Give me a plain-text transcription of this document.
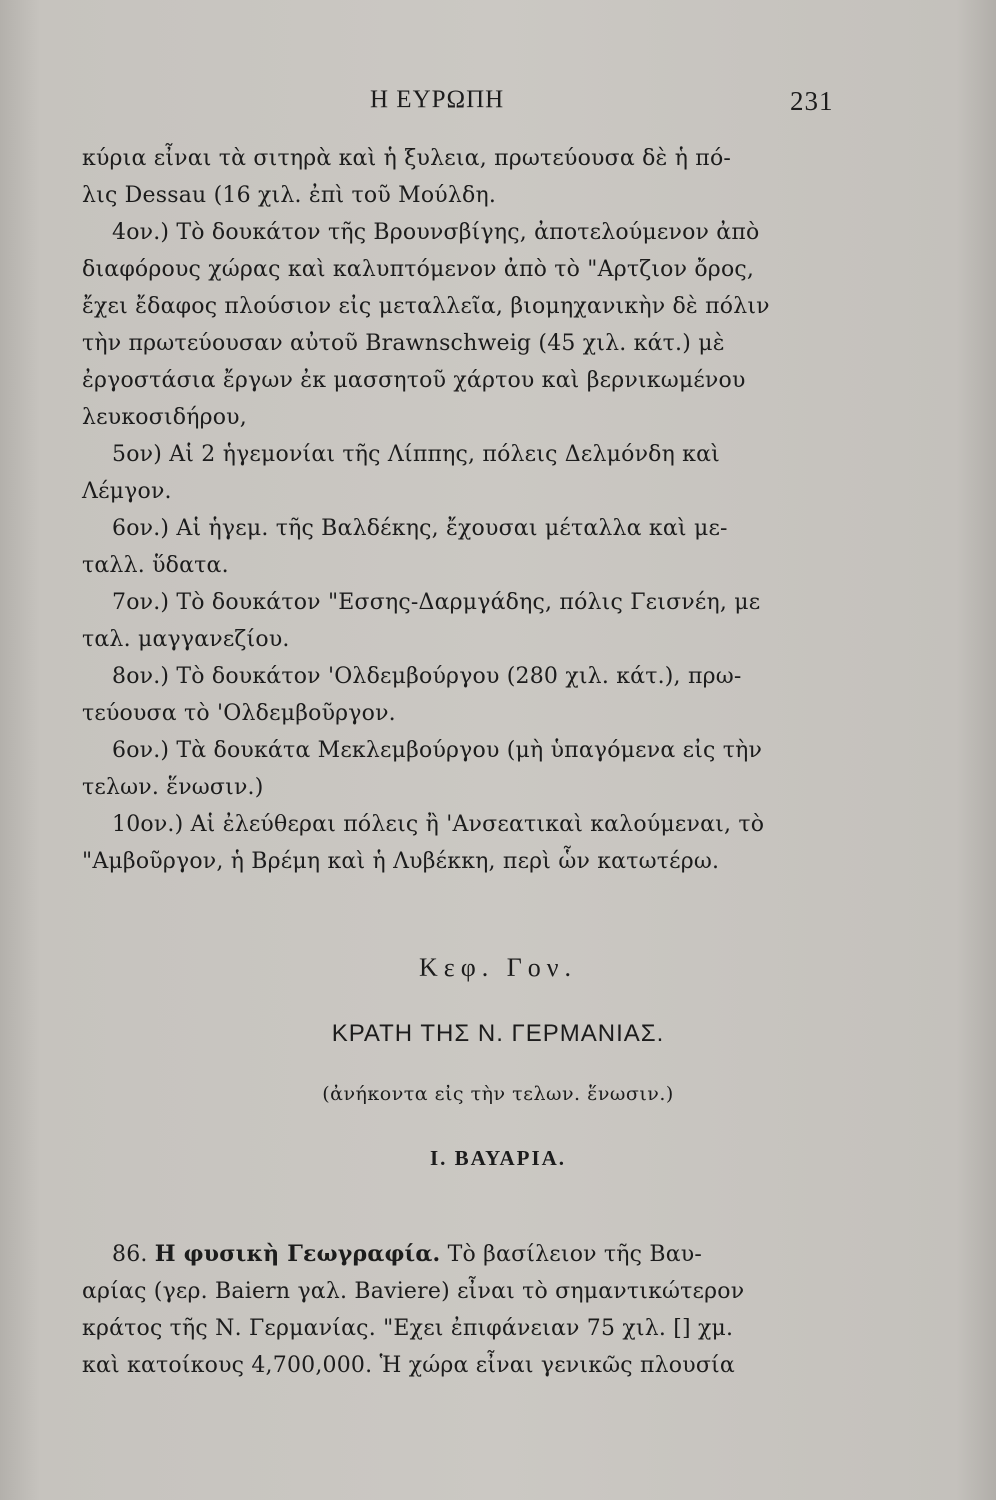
Η ΕΥΡΩΠΗ	231
κύρια εἶναι τὰ σιτηρὰ καὶ ἡ ξυλεια, πρωτεύουσα δὲ ἡ πό-
λις Dessau (16 χιλ. ἐπὶ τοῦ Μούλδη.
4ον.) Τὸ δουκάτον τῆς Βρουνσβίγης, ἀποτελούμενον ἀπὸ
διαφόρους χώρας καὶ καλυπτόμενον ἀπὸ τὸ "Αρτζιον ὄρος,
ἔχει ἔδαφος πλούσιον εἰς μεταλλεῖα, βιομηχανικὴν δὲ πόλιν
τὴν πρωτεύουσαν αὐτοῦ Brawnschweig (45 χιλ. κάτ.) μὲ
ἐργοστάσια ἔργων ἐκ μασσητοῦ χάρτου καὶ βερνικωμένου
λευκοσιδήρου,
5ον) Αἱ 2 ἡγεμονίαι τῆς Λίππης, πόλεις Δελμόνδη καὶ
Λέμγον.
6ον.) Αἱ ἡγεμ. τῆς Βαλδέκης, ἔχουσαι μέταλλα καὶ με-
ταλλ. ὕδατα.
7ον.) Τὸ δουκάτον "Εσσης-Δαρμγάδης, πόλις Γεισνέη, με
ταλ. μαγγανεζίου.
8ον.) Τὸ δουκάτον 'Ολδεμβούργου (280 χιλ. κάτ.), πρω-
τεύουσα τὸ 'Ολδεμβοῦργον.
6ον.) Τὰ δουκάτα Μεκλεμβούργου (μὴ ὑπαγόμενα εἰς τὴν
τελων. ἕνωσιν.)
10ον.) Αἱ ἐλεύθεραι πόλεις ἢ 'Ανσεατικαὶ καλούμεναι, τὸ
"Αμβοῦργον, ἡ Βρέμη καὶ ἡ Λυβέκκη, περὶ ὧν κατωτέρω.
Κεφ. Γον.
ΚΡΑΤΗ ΤΗΣ Ν. ΓΕΡΜΑΝΙΑΣ.
(ἀνήκοντα εἰς τὴν τελων. ἕνωσιν.)
Ι. ΒΑΥΑΡΙΑ.
86. Η φυσικὴ Γεωγραφία. Τὸ βασίλειον τῆς Βαυ-
αρίας (γερ. Baiern γαλ. Baviere) εἶναι τὸ σημαντικώτερον
κράτος τῆς Ν. Γερμανίας. "Εχει ἐπιφάνειαν 75 χιλ. [] χμ.
καὶ κατοίκους 4,700,000. Ἡ χώρα εἶναι γενικῶς πλουσία
